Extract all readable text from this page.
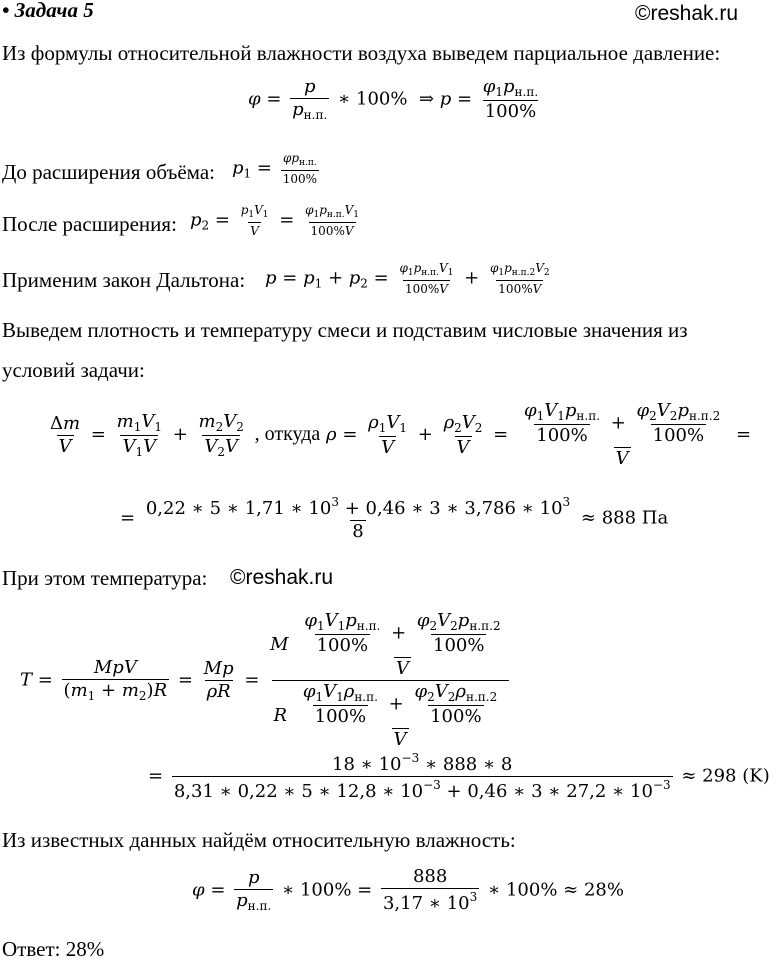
• Задача 5	©reshak.ru
Из формулы относительной влажности воздуха выведем парциальное давление:
$\varphi = \frac{p}{p_{н.п.}}$ ∗ 100%  ⇒ $p = \frac{\varphi_1p_{н.п.}}{100\%}$
До расширения объёма: $p_1 = \frac{\varphi p_{н.п.}}{100\%}$
После расширения: $p_2 = \frac{p_1V_1}{V} = \frac{\varphi_1p_{н.п.}V_1}{100\%V}$
Применим закон Дальтона: $p = p_1 + p_2 = \frac{\varphi_1p_{н.п.}V_1}{100\%V} + \frac{\varphi_1p_{н.п.2}V_2}{100\%V}$
Выведем плотность и температуру смеси и подставим числовые значения из
условий задачи:
$\frac{\Delta m}{V} = \frac{m_1V_1}{V_1V} + \frac{m_2V_2}{V_2V}$ , откуда $\rho = \frac{\rho_1V_1}{V} + \frac{\rho_2V_2}{V} = \frac{\frac{\varphi_1V_1p_{н.п.}}{100\%} + \frac{\varphi_2V_2p_{н.п.2}}{100\%}}{V}$ =
= $\frac{0,22 ∗ 5 ∗ 1,71 ∗ 10^3 + 0,46 ∗ 3 ∗ 3,786 ∗ 10^3}{8} \approx 888$ Па
При этом температура: ©reshak.ru
$T = \frac{\text{MpV}}{(m_1 + m_2)R} = \frac{Mp}{\rho R}$ =
M $\frac{\frac{\varphi_1V_1p_{н.п.}}{100\%} + \frac{\varphi_2V_2p_{н.п.2}}{100\%}}{V}$
R $\frac{\frac{\varphi_1V_1\rho_{н.п.}}{100\%} + \frac{\varphi_2V_2\rho_{н.п.2}}{100\%}}{V}$
= $\frac{18 ∗ 10^{-3} ∗ 888 ∗ 8}{8,31 ∗ 0,22 ∗ 5 ∗ 12,8 ∗ 10^{-3} + 0,46 ∗ 3 ∗ 27,2 ∗ 10^{-3}} \approx 298$ (K)
Из известных данных найдём относительную влажность:
$\varphi = \frac{p}{p_{н.п.}}$ ∗ $100\% = \frac{888}{3,17 ∗ 10^3}$ ∗ 100% ≈ 28%
Ответ: 28%
